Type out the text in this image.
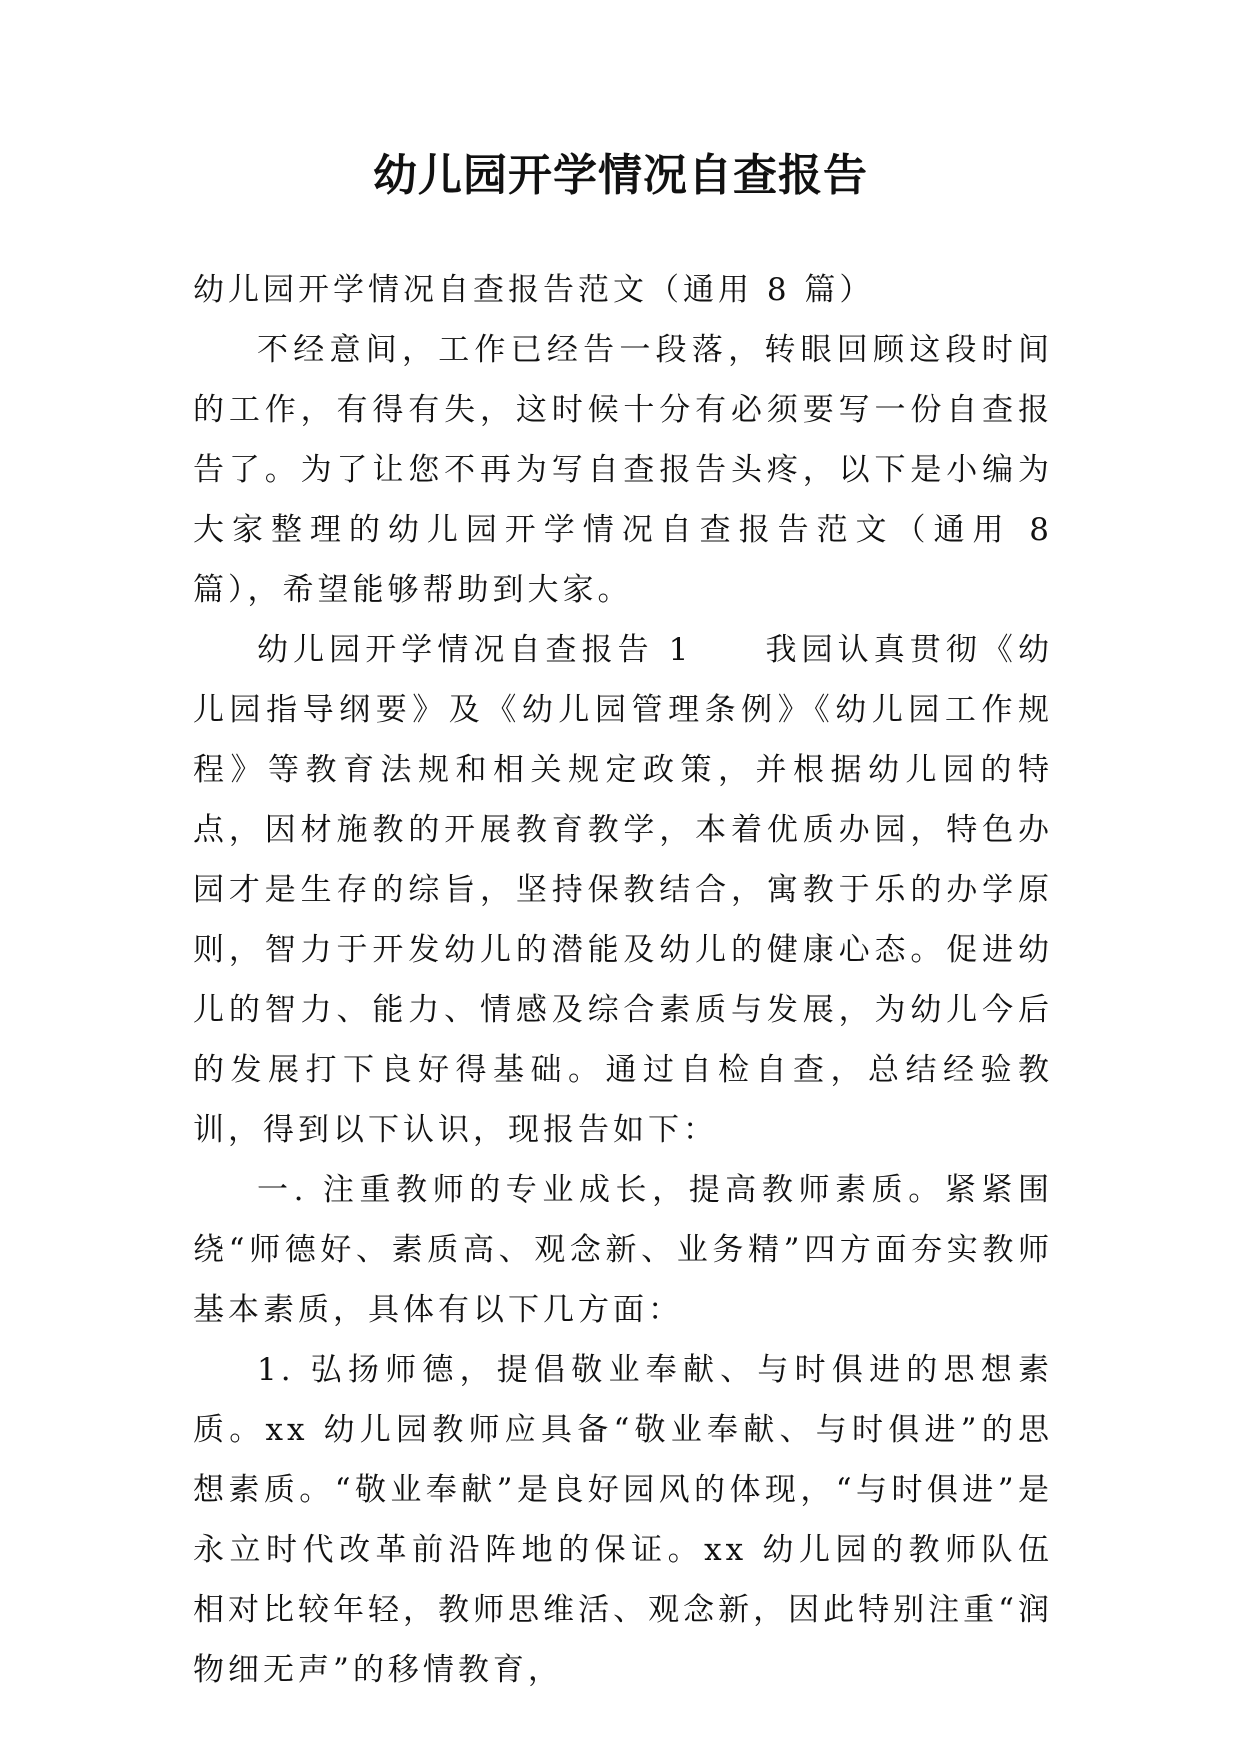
幼儿园开学情况自查报告

幼儿园开学情况自查报告范文（通用 8 篇）

不经意间，工作已经告一段落，转眼回顾这段时间的工作，有得有失，这时候十分有必须要写一份自查报告了。为了让您不再为写自查报告头疼，以下是小编为大家整理的幼儿园开学情况自查报告范文（通用 8 篇），希望能够帮助到大家。

幼儿园开学情况自查报告 1　　我园认真贯彻《幼儿园指导纲要》及《幼儿园管理条例》《幼儿园工作规程》等教育法规和相关规定政策，并根据幼儿园的特点，因材施教的开展教育教学，本着优质办园，特色办园才是生存的综旨，坚持保教结合，寓教于乐的办学原则，智力于开发幼儿的潜能及幼儿的健康心态。促进幼儿的智力、能力、情感及综合素质与发展，为幼儿今后的发展打下良好得基础。通过自检自查，总结经验教训，得到以下认识，现报告如下：

一. 注重教师的专业成长，提高教师素质。紧紧围绕“师德好、素质高、观念新、业务精”四方面夯实教师基本素质，具体有以下几方面：

1. 弘扬师德，提倡敬业奉献、与时俱进的思想素质。xx 幼儿园教师应具备“敬业奉献、与时俱进”的思想素质。“敬业奉献”是良好园风的体现，“与时俱进”是永立时代改革前沿阵地的保证。xx 幼儿园的教师队伍相对比较年轻，教师思维活、观念新，因此特别注重“润物细无声”的移情教育，
